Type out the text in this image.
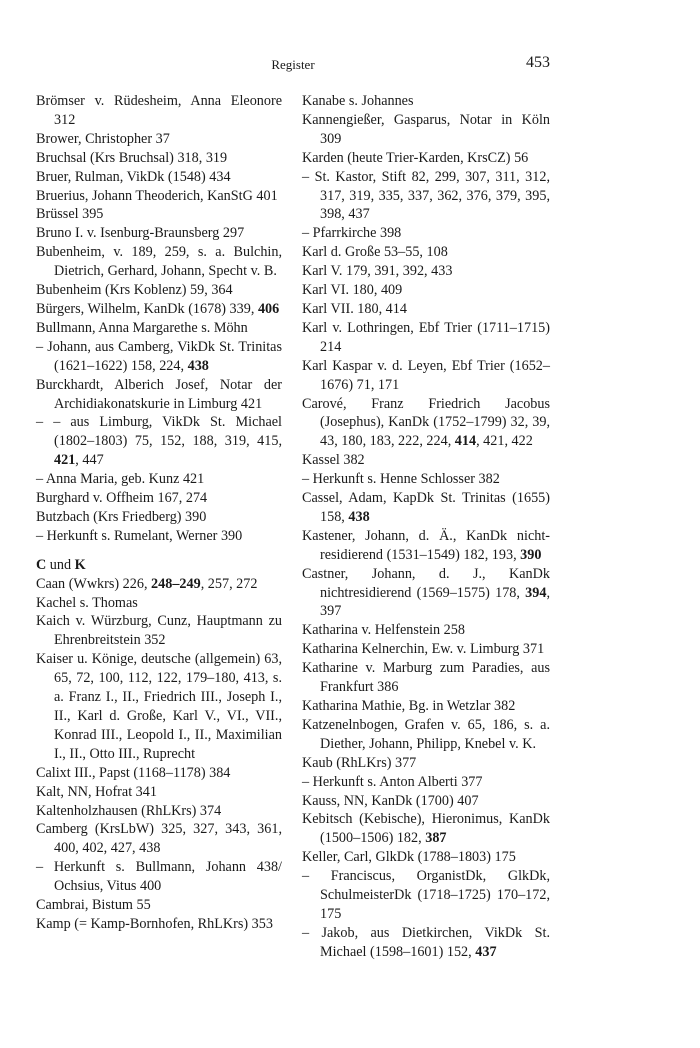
Register	453
Brömser v. Rüdesheim, Anna Eleonore 312
Brower, Christopher 37
Bruchsal (Krs Bruchsal) 318, 319
Bruer, Rulman, VikDk (1548) 434
Bruerius, Johann Theoderich, KanStG 401
Brüssel 395
Bruno I. v. Isenburg-Braunsberg 297
Bubenheim, v. 189, 259, s. a. Bulchin, Dietrich, Gerhard, Johann, Specht v. B.
Bubenheim (Krs Koblenz) 59, 364
Bürgers, Wilhelm, KanDk (1678) 339, 406
Bullmann, Anna Margarethe s. Möhn
– Johann, aus Camberg, VikDk St. Trinitas (1621–1622) 158, 224, 438
Burckhardt, Alberich Josef, Notar der Archidiakonatskurie in Limburg 421
– – aus Limburg, VikDk St. Michael (1802–1803) 75, 152, 188, 319, 415, 421, 447
– Anna Maria, geb. Kunz 421
Burghard v. Offheim 167, 274
Butzbach (Krs Friedberg) 390
– Herkunft s. Rumelant, Werner 390
C und K
Caan (Wwkrs) 226, 248–249, 257, 272
Kachel s. Thomas
Kaich v. Würzburg, Cunz, Hauptmann zu Ehrenbreitstein 352
Kaiser u. Könige, deutsche (allgemein) 63, 65, 72, 100, 112, 122, 179–180, 413, s. a. Franz I., II., Friedrich III., Joseph I., II., Karl d. Große, Karl V., VI., VII., Konrad III., Leopold I., II., Maximilian I., II., Otto III., Ruprecht
Calixt III., Papst (1168–1178) 384
Kalt, NN, Hofrat 341
Kaltenholzhausen (RhLKrs) 374
Camberg (KrsLbW) 325, 327, 343, 361, 400, 402, 427, 438
– Herkunft s. Bullmann, Johann 438/ Ochsius, Vitus 400
Cambrai, Bistum 55
Kamp (= Kamp-Bornhofen, RhLKrs) 353
Kanabe s. Johannes
Kannengießer, Gasparus, Notar in Köln 309
Karden (heute Trier-Karden, KrsCZ) 56
– St. Kastor, Stift 82, 299, 307, 311, 312, 317, 319, 335, 337, 362, 376, 379, 395, 398, 437
– Pfarrkirche 398
Karl d. Große 53–55, 108
Karl V. 179, 391, 392, 433
Karl VI. 180, 409
Karl VII. 180, 414
Karl v. Lothringen, Ebf Trier (1711–1715) 214
Karl Kaspar v. d. Leyen, Ebf Trier (1652–1676) 71, 171
Carové, Franz Friedrich Jacobus (Josephus), KanDk (1752–1799) 32, 39, 43, 180, 183, 222, 224, 414, 421, 422
Kassel 382
– Herkunft s. Henne Schlosser 382
Cassel, Adam, KapDk St. Trinitas (1655) 158, 438
Kastener, Johann, d. Ä., KanDk nicht-residierend (1531–1549) 182, 193, 390
Castner, Johann, d. J., KanDk nichtresidierend (1569–1575) 178, 394, 397
Katharina v. Helfenstein 258
Katharina Kelnerchin, Ew. v. Limburg 371
Katharine v. Marburg zum Paradies, aus Frankfurt 386
Katharina Mathie, Bg. in Wetzlar 382
Katzenelnbogen, Grafen v. 65, 186, s. a. Diether, Johann, Philipp, Knebel v. K.
Kaub (RhLKrs) 377
– Herkunft s. Anton Alberti 377
Kauss, NN, KanDk (1700) 407
Kebitsch (Kebische), Hieronimus, KanDk (1500–1506) 182, 387
Keller, Carl, GlkDk (1788–1803) 175
– Franciscus, OrganistDk, GlkDk, SchulmeisterDk (1718–1725) 170–172, 175
– Jakob, aus Dietkirchen, VikDk St. Michael (1598–1601) 152, 437
